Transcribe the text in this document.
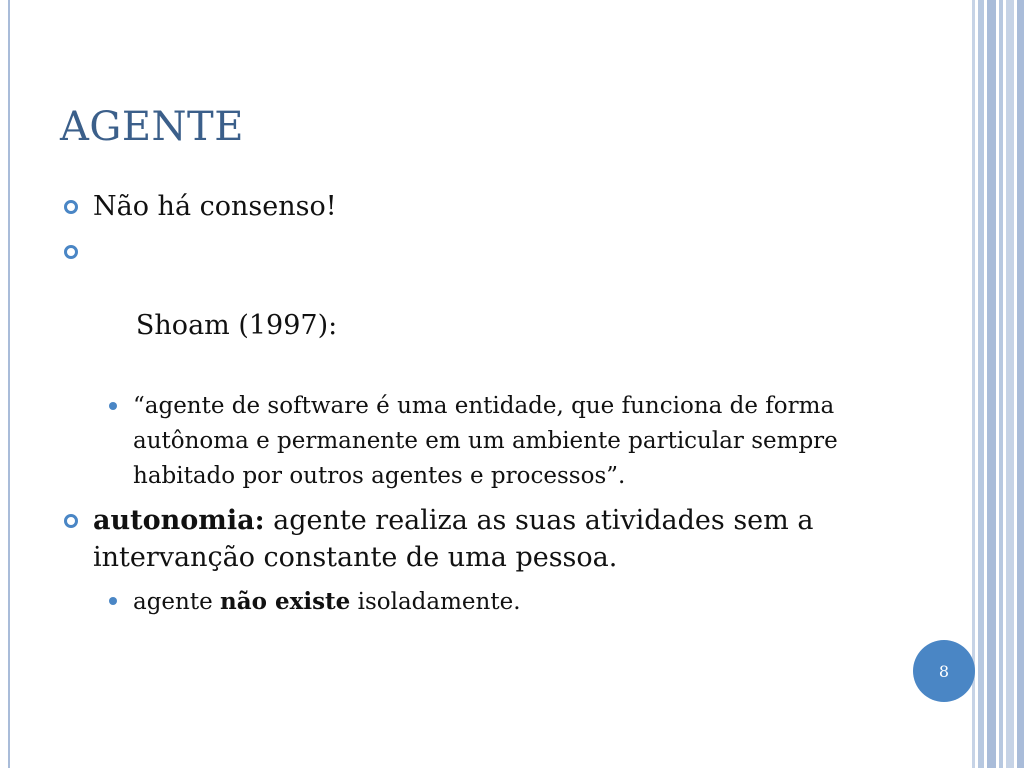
AGENTE
Não há consenso!

Shoam (1997):

“agente de software é uma entidade, que funciona de forma autônoma e permanente em um ambiente particular sempre habitado por outros agentes e processos”.
autonomia: agente realiza as suas atividades sem a intervanção constante de uma pessoa.
agente não existe isoladamente.
8
